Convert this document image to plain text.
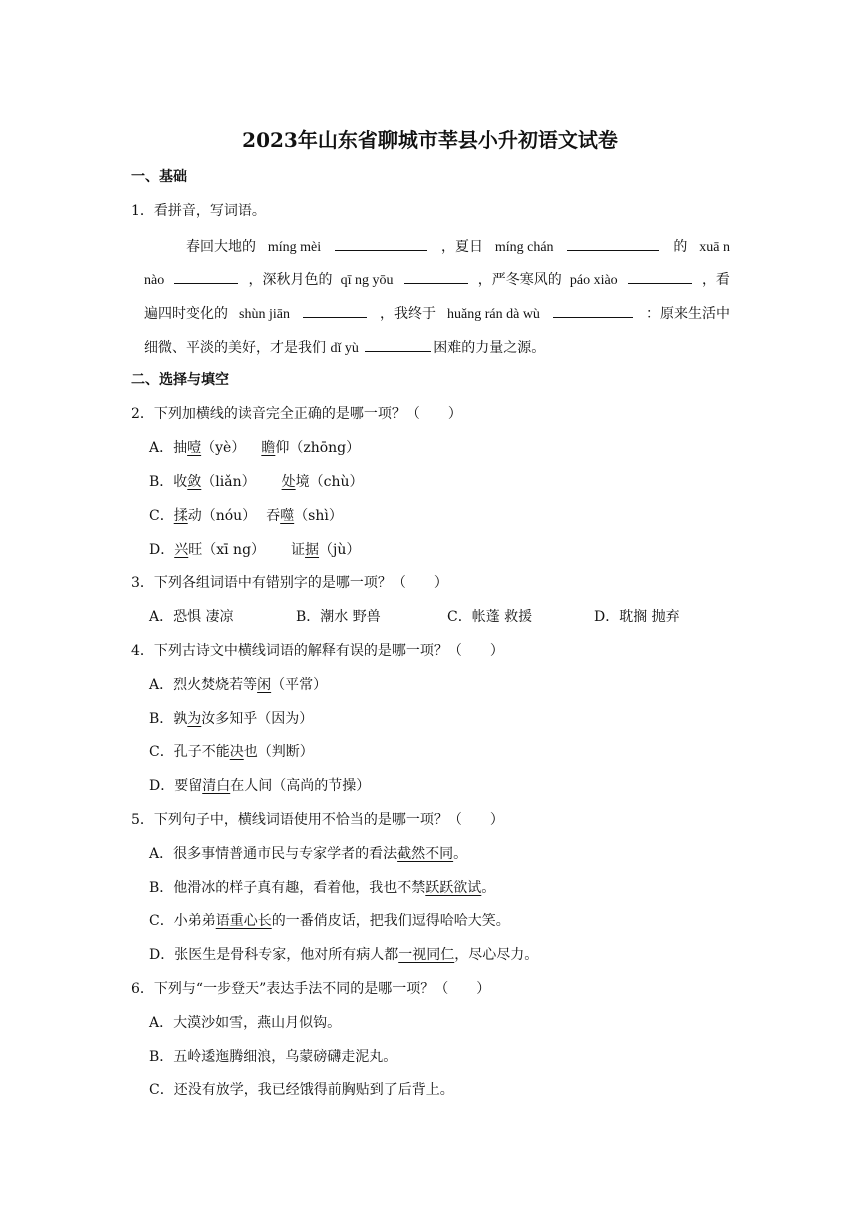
2023年山东省聊城市莘县小升初语文试卷
一、基础
1．看拼音，写词语。
春回大地的 míng mèi	，夏日 míng chán	的 xuā n
nào	，深秋月色的 qī ng yōu	，严冬寒风的 páo xiào	，看
遍四时变化的 shùn jiān	，我终于 huǎng rán dà wù	：原来生活中
细微、平淡的美好，才是我们 dǐ yù	困难的力量之源。
二、选择与填空
2．下列加横线的读音完全正确的是哪一项？（　　）
A．抽噎（yè） 瞻仰（zhōng）
B．收敛（liǎn） 处境（chù）
C．揉动（nóu） 吞噬（shì）
D．兴旺（xī ng） 证据（jù）
3．下列各组词语中有错别字的是哪一项？（　　）
A．恐惧 凄凉	B．潮水 野兽	C．帐蓬 救援	D．耽搁 抛弃
4．下列古诗文中横线词语的解释有误的是哪一项？（　　）
A．烈火焚烧若等闲（平常）
B．孰为汝多知乎（因为）
C．孔子不能决也（判断）
D．要留清白在人间（高尚的节操）
5．下列句子中，横线词语使用不恰当的是哪一项？（　　）
A．很多事情普通市民与专家学者的看法截然不同。
B．他滑冰的样子真有趣，看着他，我也不禁跃跃欲试。
C．小弟弟语重心长的一番俏皮话，把我们逗得哈哈大笑。
D．张医生是骨科专家，他对所有病人都一视同仁，尽心尽力。
6．下列与“一步登天”表达手法不同的是哪一项？（　　）
A．大漠沙如雪，燕山月似钩。
B．五岭逶迤腾细浪，乌蒙磅礴走泥丸。
C．还没有放学，我已经饿得前胸贴到了后背上。
